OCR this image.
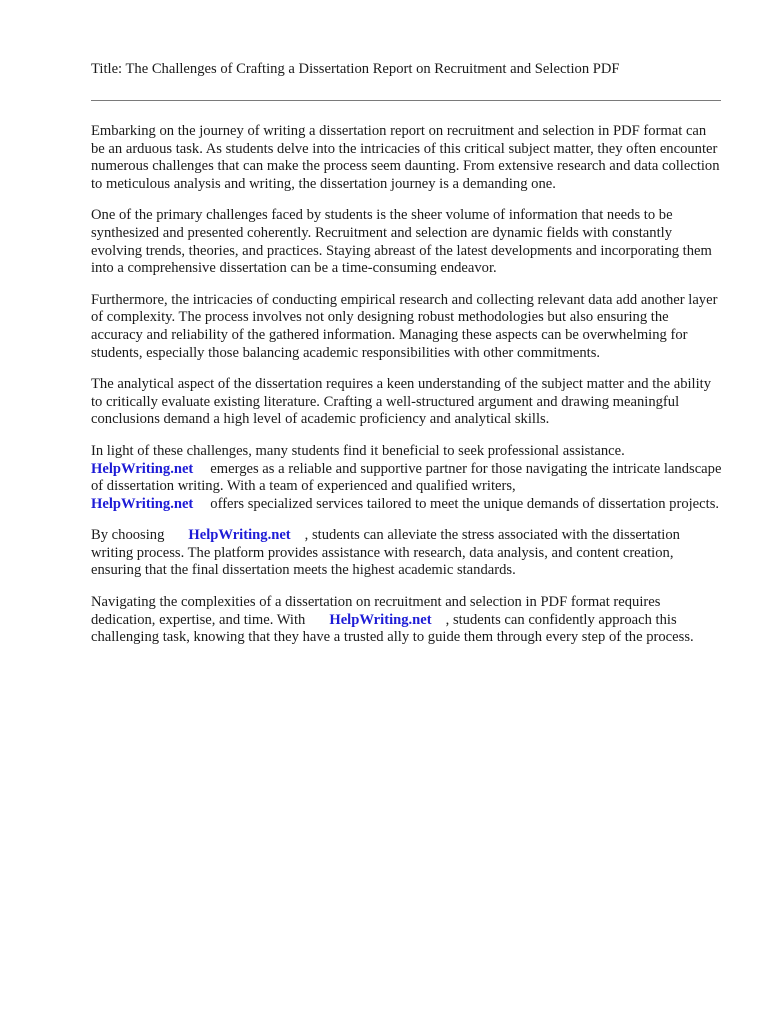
Title: The Challenges of Crafting a Dissertation Report on Recruitment and Selection PDF

Embarking on the journey of writing a dissertation report on recruitment and selection in PDF format can be an arduous task. As students delve into the intricacies of this critical subject matter, they often encounter numerous challenges that can make the process seem daunting. From extensive research and data collection to meticulous analysis and writing, the dissertation journey is a demanding one.

One of the primary challenges faced by students is the sheer volume of information that needs to be synthesized and presented coherently. Recruitment and selection are dynamic fields with constantly evolving trends, theories, and practices. Staying abreast of the latest developments and incorporating them into a comprehensive dissertation can be a time-consuming endeavor.

Furthermore, the intricacies of conducting empirical research and collecting relevant data add another layer of complexity. The process involves not only designing robust methodologies but also ensuring the accuracy and reliability of the gathered information. Managing these aspects can be overwhelming for students, especially those balancing academic responsibilities with other commitments.

The analytical aspect of the dissertation requires a keen understanding of the subject matter and the ability to critically evaluate existing literature. Crafting a well-structured argument and drawing meaningful conclusions demand a high level of academic proficiency and analytical skills.

In light of these challenges, many students find it beneficial to seek professional assistance.
HelpWriting.net emerges as a reliable and supportive partner for those navigating the intricate landscape of dissertation writing. With a team of experienced and qualified writers,
HelpWriting.net offers specialized services tailored to meet the unique demands of dissertation projects.

By choosing HelpWriting.net , students can alleviate the stress associated with the dissertation writing process. The platform provides assistance with research, data analysis, and content creation, ensuring that the final dissertation meets the highest academic standards.

Navigating the complexities of a dissertation on recruitment and selection in PDF format requires dedication, expertise, and time. With HelpWriting.net , students can confidently approach this challenging task, knowing that they have a trusted ally to guide them through every step of the process.
